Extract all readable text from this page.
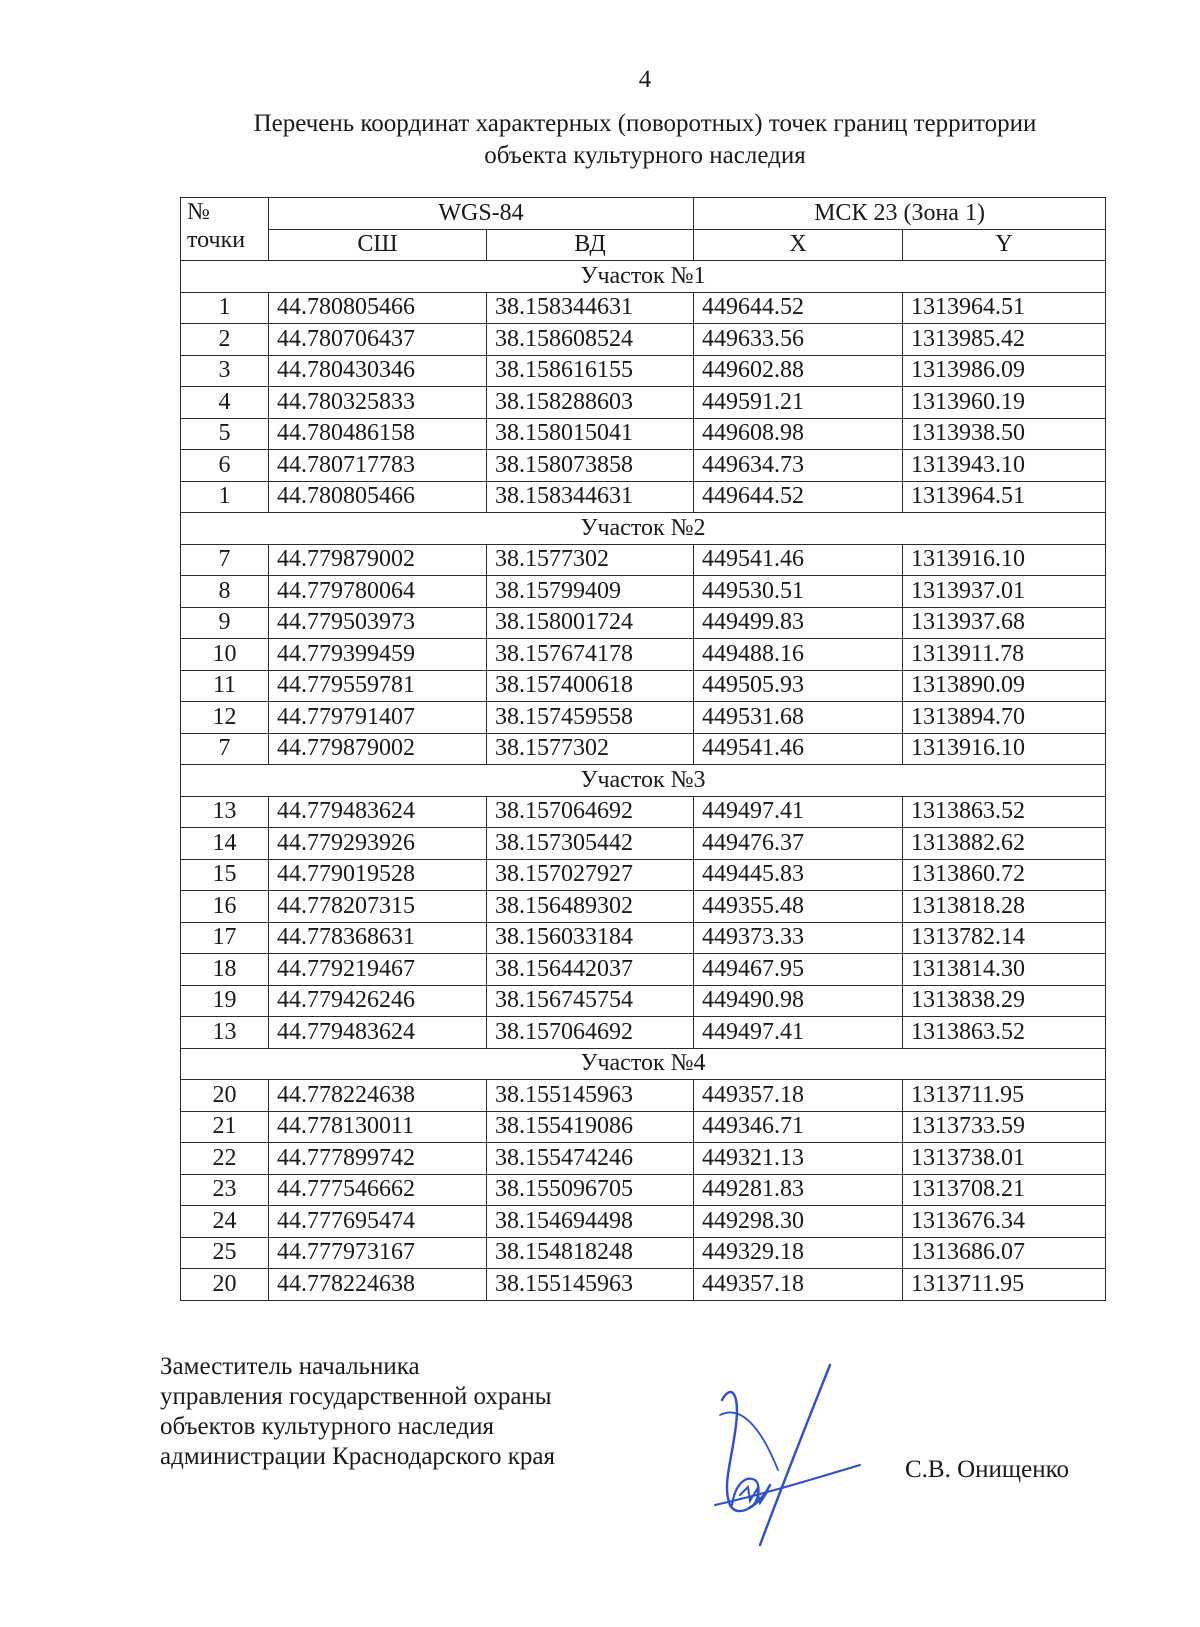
4
Перечень координат характерных (поворотных) точек границ территории
объекта культурного наследия
№
точки	WGS-84		МСК 23 (Зона 1)	
	СШ	ВД	X	Y
Участок №1				
1	44.780805466	38.158344631	449644.52	1313964.51
2	44.780706437	38.158608524	449633.56	1313985.42
3	44.780430346	38.158616155	449602.88	1313986.09
4	44.780325833	38.158288603	449591.21	1313960.19
5	44.780486158	38.158015041	449608.98	1313938.50
6	44.780717783	38.158073858	449634.73	1313943.10
1	44.780805466	38.158344631	449644.52	1313964.51
Участок №2				
7	44.779879002	38.1577302	449541.46	1313916.10
8	44.779780064	38.15799409	449530.51	1313937.01
9	44.779503973	38.158001724	449499.83	1313937.68
10	44.779399459	38.157674178	449488.16	1313911.78
11	44.779559781	38.157400618	449505.93	1313890.09
12	44.779791407	38.157459558	449531.68	1313894.70
7	44.779879002	38.1577302	449541.46	1313916.10
Участок №3				
13	44.779483624	38.157064692	449497.41	1313863.52
14	44.779293926	38.157305442	449476.37	1313882.62
15	44.779019528	38.157027927	449445.83	1313860.72
16	44.778207315	38.156489302	449355.48	1313818.28
17	44.778368631	38.156033184	449373.33	1313782.14
18	44.779219467	38.156442037	449467.95	1313814.30
19	44.779426246	38.156745754	449490.98	1313838.29
13	44.779483624	38.157064692	449497.41	1313863.52
Участок №4				
20	44.778224638	38.155145963	449357.18	1313711.95
21	44.778130011	38.155419086	449346.71	1313733.59
22	44.777899742	38.155474246	449321.13	1313738.01
23	44.777546662	38.155096705	449281.83	1313708.21
24	44.777695474	38.154694498	449298.30	1313676.34
25	44.777973167	38.154818248	449329.18	1313686.07
20	44.778224638	38.155145963	449357.18	1313711.95
Заместитель начальника
управления государственной охраны
объектов культурного наследия
администрации Краснодарского края	С.В. Онищенко
